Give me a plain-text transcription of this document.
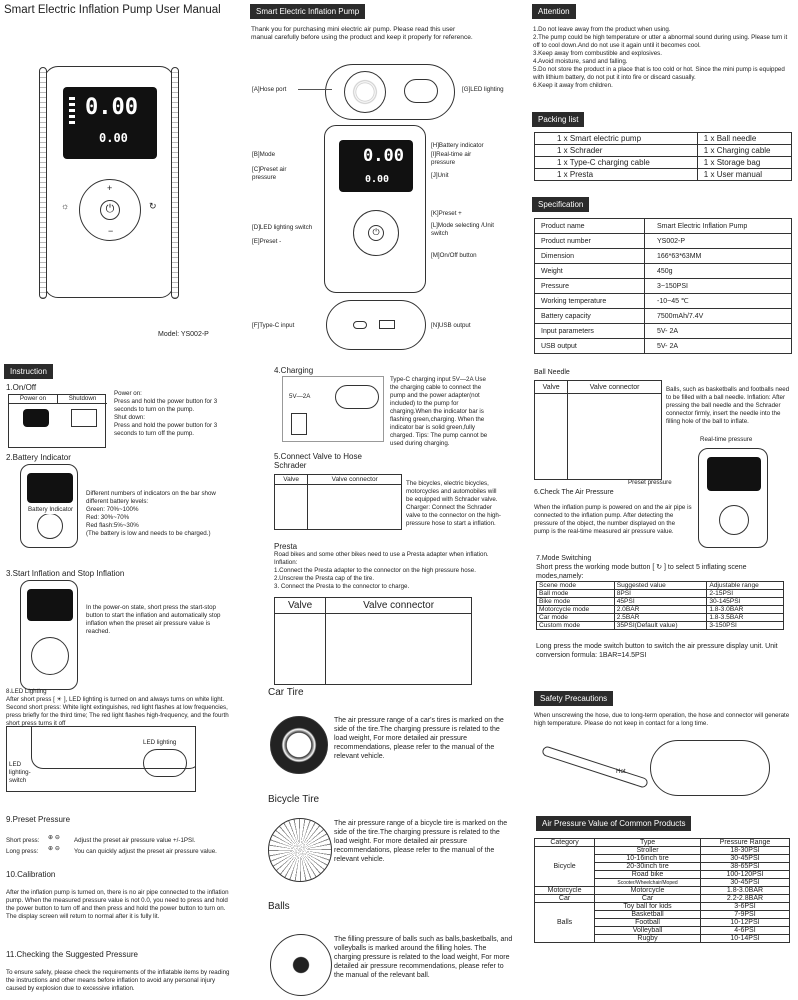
Smart Electric Inflation Pump User Manual
0.00
0.00
⏻
+
−
☼	↻
Model: YS002-P
Smart Electric Inflation Pump
Thank you for purchasing mini electric air pump. Please read this user manual carefully before using the product and keep it properly for reference.
[A]Hose port	[G]LED lighting
0.00
0.00
⏻
[H]Battery indicator
[B]Mode	[I]Real-time air pressure
[C]Preset air pressure	[J]Unit
[K]Preset +
[D]LED lighting switch	[L]Mode selecting /Unit switch
[E]Preset -
[M]On/Off button
[F]Type-C input	[N]USB output
Attention
1.Do not leave away from the product when using.
2.The pump could be high temperature or utter a abnormal sound during using. Please turn it off to cool down.And do not use it again until it becomes cool.
3.Keep away from combustible and explosives.
4.Avoid moisture, sand and falling.
5.Do not store the product in a place that is too cold or hot. Since the mini pump is equipped with lithium battery, do not put it into fire or discard casually.
6.Keep it away from children.
Packing list
1 x Smart electric pump	1 x Ball needle
1 x Schrader	1 x Charging cable
1 x Type-C charging cable	1 x Storage bag
1 x Presta	1 x User manual
Specification
Product name	Smart Electric Inflation Pump
Product number	YS002-P
Dimension	166*63*63MM
Weight	450g
Pressure	3~150PSI
Working temperature	-10~45 ℃
Battery capacity	7500mAh/7.4V
Input parameters	5V- 2A
USB output	5V- 2A
Instruction
1.On/Off
Power on	Shutdown
Power on:
Press and hold the power button for 3 seconds to turn on the pump.
Shut down:
Press and hold the power button for 3 seconds to turn off the pump.
2.Battery Indicator
Battery Indicator
Different numbers of indicators on the bar show different battery levels:
Green: 70%~100%
Red: 30%~70%
Red flash:5%~30%
(The battery is low and needs to be charged.)
3.Start Inflation and Stop Inflation
In the power-on state, short press the start-stop button to start the inflation and automatically stop inflation when the preset air pressure value is reached.
4.Charging
5V—2A
Type-C charging input 5V—2A Use the charging cable to connect the pump and the power adapter(not included) to the pump for charging.When the indicator bar is flashing green,charging. When the indicator bar is solid green,fully charged. Tips: The pump cannot be used during charging.
5.Connect Valve to Hose Schrader
Valve	Valve connector

The bicycles, electric bicycles, motorcycles and automobiles will be equipped with Schrader valve. Charger: Connect the Schrader valve to the connector on the high-pressure hose to start a inflation.
Presta
Road bikes and some other bikes need to use a Presta adapter when inflation.
Inflation:
1.Connect the Presta adapter to the connector on the high pressure hose.
2.Unscrew the Presta cap of the tire.
3. Connect the Presta to the connector to charge.
Valve	Valve connector

Ball Needle
Valve	Valve connector
		Balls, such as basketballs and footballs need to be filled with a ball needle. Inflation: After pressing the ball needle and the Schrader connector firmly, insert the needle into the filling hole of the ball to inflate.
Real-time pressure
Preset pressure
6.Check The Air Pressure
When the inflation pump is powered on and the air pipe is connected to the inflation pump. After detecting the pressure of the object, the number displayed on the pump is the real-time measured air pressure value.
7.Mode Switching
Short press the working mode button [ ↻ ] to select 5 inflating scene modes,namely:
Scene mode	Suggested value	Adjustable range
Ball mode	8PSI	2-15PSI
Bike mode	45PSI	30-145PSI
Motorcycle mode	2.0BAR	1.8-3.0BAR
Car mode	2.5BAR	1.8-3.5BAR
Custom mode	35PSI(Default value)	3-150PSI
Long press the mode switch button to switch the air pressure display unit. Unit conversion formula: 1BAR=14.5PSI
8.LED Lighting
After short press [ ☀ ], LED lighting is turned on and always turns on white light. Second short press: White light extinguishes, red light flashes at low frequencies, press briefly for the third time; The red light flashes high-frequency, and the fourth short press turns it off
LED lighting
LED lighting-switch
9.Preset Pressure
Short press: ⊕ ⊖ Adjust the preset air pressure value +/-1PSI.
Long press: ⊕ ⊖ You can quickly adjust the preset air pressure value.
10.Calibration
After the inflation pump is turned on, there is no air pipe connected to the inflation pump. When the measured pressure value is not 0.0, you need to press and hold the power button to turn off and then press and hold the power button to turn on. The display screen will return to normal after it is fully lit.
11.Checking the Suggested Pressure
To ensure safety, please check the requirements of the inflatable items by reading the instructions and other means before inflation to avoid any personal injury caused by explosion due to excessive inflation.
Car Tire
The air pressure range of a car's tires is marked on the side of the tire.The charging pressure is related to the load weight, For more detailed air pressure recommendations, please refer to the manual of the relevant vehicle.
Bicycle Tire
The air pressure range of a bicycle tire is marked on the side of the tire.The charging pressure is related to the load weight. For more detailed air pressure recommendations, please refer to the manual of the relevant vehicle.
Balls
The filling pressure of balls such as balls,basketballs, and volleyballs is marked around the filling holes. The charging pressure is related to the load weight, For more detailed air pressure recommendations, please refer to the manual of the relevant ball.
Safety Precautions
When unscrewing the hose, due to long-term operation, the hose and connector will generate high temperature. Please do not keep in contact for a long time.
Hot
Air Pressure Value of Common Products
Category	Type	Pressure Range
Bicycle	Stroller	18-30PSI
	10-16inch tire	30-45PSI
	20-30inch tire	38-65PSI
	Road bike	100-120PSI
	Scooter/Wheelchair/Moped	30-45PSI
Motorcycle	Motorcycle	1.8-3.0BAR
Car	Car	2.2-2.8BAR
Balls	Toy ball for kids	3-6PSI
	Basketball	7-9PSI
	Football	10-12PSI
	Volleyball	4-6PSI
	Rugby	10-14PSI
